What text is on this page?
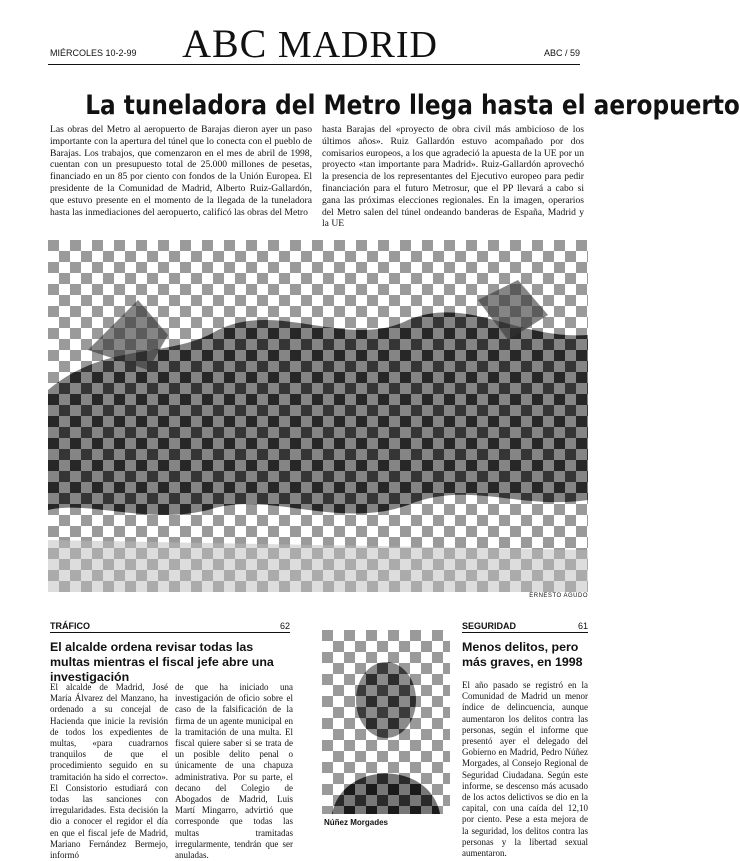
MIÉRCOLES 10-2-99	ABC MADRID	ABC / 59
La tuneladora del Metro llega hasta el aeropuerto
Las obras del Metro al aeropuerto de Barajas dieron ayer un paso importante con la apertura del túnel que lo conecta con el pueblo de Barajas. Los trabajos, que comenzaron en el mes de abril de 1998, cuentan con un presupuesto total de 25.000 millones de pesetas, financiado en un 85 por ciento con fondos de la Unión Europea. El presidente de la Comunidad de Madrid, Alberto Ruiz-Gallardón, que estuvo presente en el momento de la llegada de la tuneladora hasta las inmediaciones del aeropuerto, calificó las obras del Metro
hasta Barajas del «proyecto de obra civil más ambicioso de los últimos años». Ruiz Gallardón estuvo acompañado por dos comisarios europeos, a los que agradeció la apuesta de la UE por un proyecto «tan importante para Madrid». Ruiz-Gallardón aprovechó la presencia de los representantes del Ejecutivo europeo para pedir financiación para el futuro Metrosur, que el PP llevará a cabo si gana las próximas elecciones regionales. En la imagen, operarios del Metro salen del túnel ondeando banderas de España, Madrid y la UE
ERNESTO AGUDO
TRÁFICO	62
El alcalde ordena revisar todas las multas mientras el fiscal jefe abre una investigación
El alcalde de Madrid, José María Álvarez del Manzano, ha ordenado a su concejal de Hacienda que inicie la revisión de todos los expedientes de multas, «para cuadrarnos tranquilos de que el procedimiento seguido en su tramitación ha sido el correcto». El Consistorio estudiará con todas las sanciones con irregularidades. Esta decisión la dio a conocer el regidor el día en que el fiscal jefe de Madrid, Mariano Fernández Bermejo, informó
de que ha iniciado una investigación de oficio sobre el caso de la falsificación de la firma de un agente municipal en la tramitación de una multa. El fiscal quiere saber si se trata de un posible delito penal o únicamente de una chapuza administrativa. Por su parte, el decano del Colegio de Abogados de Madrid, Luis Martí Mingarro, advirtió que corresponde que todas las multas tramitadas irregularmente, tendrán que ser anuladas.
Núñez Morgades
SEGURIDAD	61
Menos delitos, pero más graves, en 1998
El año pasado se registró en la Comunidad de Madrid un menor índice de delincuencia, aunque aumentaron los delitos contra las personas, según el informe que presentó ayer el delegado del Gobierno en Madrid, Pedro Núñez Morgades, al Consejo Regional de Seguridad Ciudadana. Según este informe, se descenso más acusado de los actos delictivos se dio en la capital, con una caída del 12,10 por ciento. Pese a esta mejora de la seguridad, los delitos contra las personas y la libertad sexual aumentaron.
